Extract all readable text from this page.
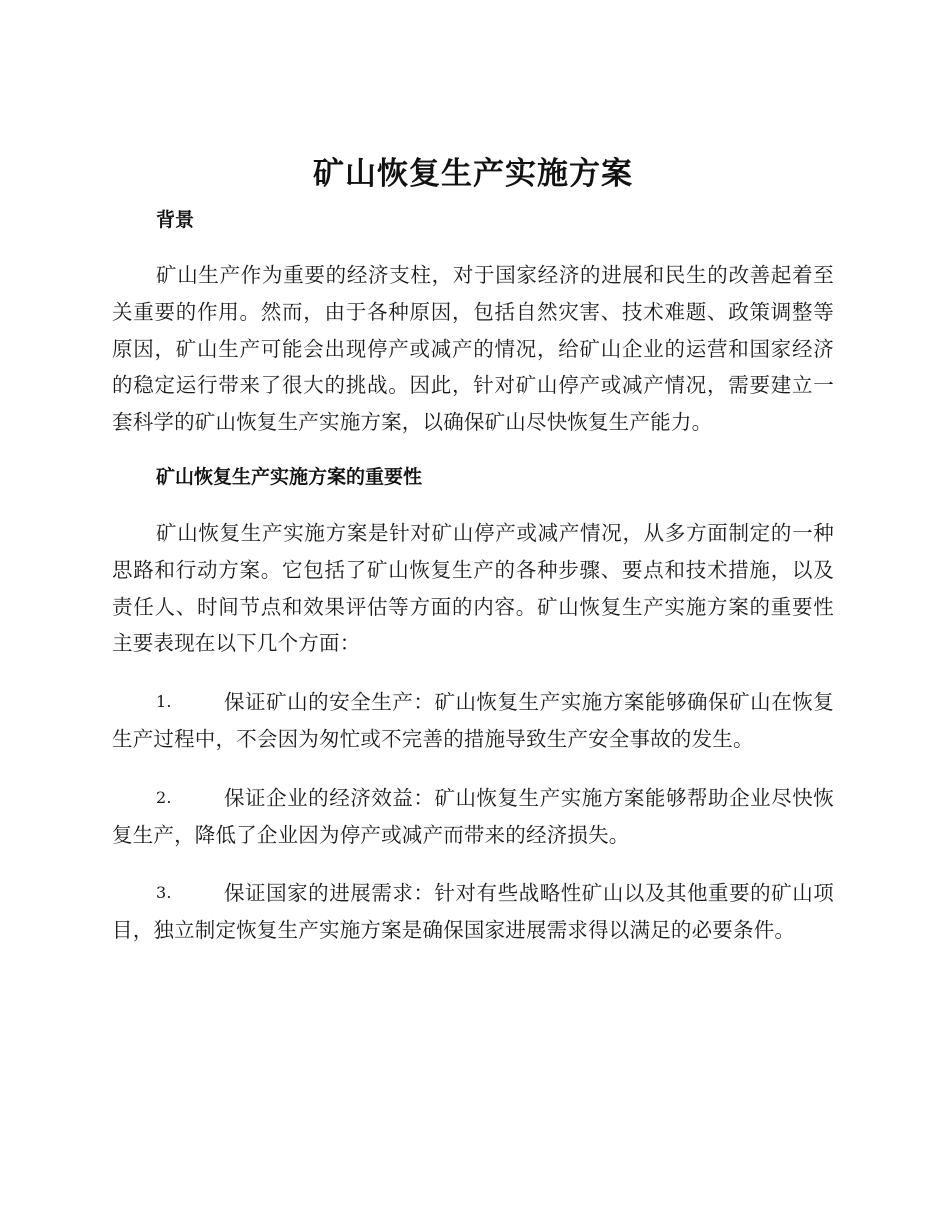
矿山恢复生产实施方案
背景

矿山生产作为重要的经济支柱，对于国家经济的进展和民生的改善起着至关重要的作用。然而，由于各种原因，包括自然灾害、技术难题、政策调整等原因，矿山生产可能会出现停产或减产的情况，给矿山企业的运营和国家经济的稳定运行带来了很大的挑战。因此，针对矿山停产或减产情况，需要建立一套科学的矿山恢复生产实施方案，以确保矿山尽快恢复生产能力。

矿山恢复生产实施方案的重要性

矿山恢复生产实施方案是针对矿山停产或减产情况，从多方面制定的一种思路和行动方案。它包括了矿山恢复生产的各种步骤、要点和技术措施，以及责任人、时间节点和效果评估等方面的内容。矿山恢复生产实施方案的重要性主要表现在以下几个方面：

1.	保证矿山的安全生产：矿山恢复生产实施方案能够确保矿山在恢复生产过程中，不会因为匆忙或不完善的措施导致生产安全事故的发生。

2.	保证企业的经济效益：矿山恢复生产实施方案能够帮助企业尽快恢复生产，降低了企业因为停产或减产而带来的经济损失。

3.	保证国家的进展需求：针对有些战略性矿山以及其他重要的矿山项目，独立制定恢复生产实施方案是确保国家进展需求得以满足的必要条件。
